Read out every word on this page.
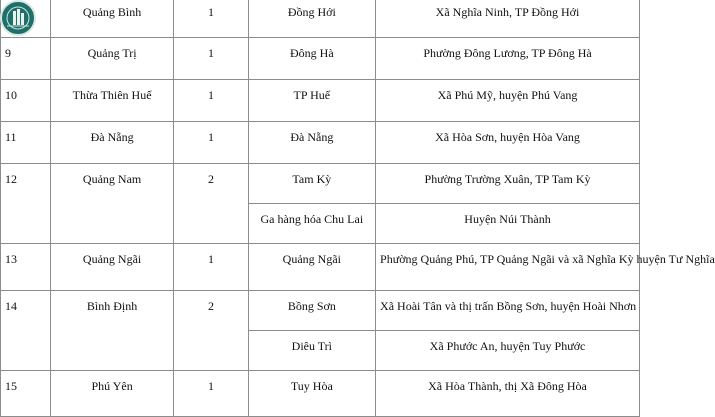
	Quảng Bình	1	Đồng Hới	Xã Nghĩa Ninh, TP Đồng Hới
9	Quảng Trị	1	Đông Hà	Phường Đông Lương, TP Đông Hà
10	Thừa Thiên Huế	1	TP Huế	Xã Phú Mỹ, huyện Phú Vang
11	Đà Nẵng	1	Đà Nẵng	Xã Hòa Sơn, huyện Hòa Vang
12	Quảng Nam	2	Tam Kỳ	Phường Trường Xuân, TP Tam Kỳ
			Ga hàng hóa Chu Lai	Huyện Núi Thành
13	Quảng Ngãi	1	Quảng Ngãi	Phường Quảng Phú, TP Quảng Ngãi và xã Nghĩa Kỳ huyện Tư Nghĩa
14	Bình Định	2	Bồng Sơn	Xã Hoài Tân và thị trấn Bồng Sơn, huyện Hoài Nhơn
			Diêu Trì	Xã Phước An, huyện Tuy Phước
15	Phú Yên	1	Tuy Hòa	Xã Hòa Thành, thị Xã Đông Hòa
